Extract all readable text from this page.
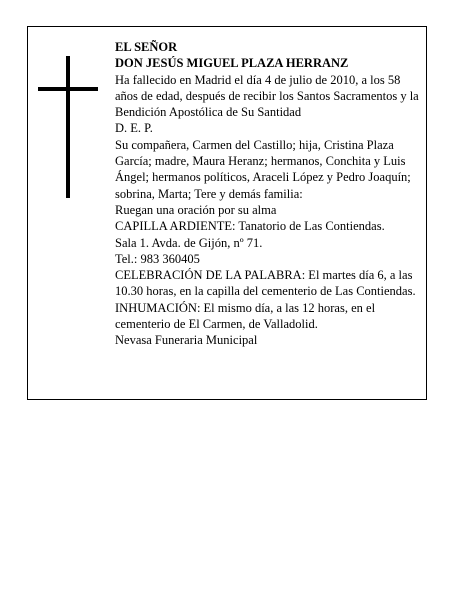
EL SEÑOR

DON JESÚS MIGUEL PLAZA HERRANZ

Ha fallecido en Madrid el día 4 de julio de 2010, a los 58 años de edad, después de recibir los Santos Sacramentos y la Bendición Apostólica de Su Santidad

D. E. P.

Su compañera, Carmen del Castillo; hija, Cristina Plaza García; madre, Maura Heranz; hermanos, Conchita y Luis Ángel; hermanos políticos, Araceli López y Pedro Joaquín; sobrina, Marta; Tere y demás familia:

Ruegan una oración por su alma

CAPILLA ARDIENTE: Tanatorio de Las Contiendas.

Sala 1. Avda. de Gijón, nº 71.

Tel.: 983 360405

CELEBRACIÓN DE LA PALABRA: El martes día 6, a las 10.30 horas, en la capilla del cementerio de Las Contiendas.

INHUMACIÓN: El mismo día, a las 12 horas, en el cementerio de El Carmen, de Valladolid.

Nevasa Funeraria Municipal
